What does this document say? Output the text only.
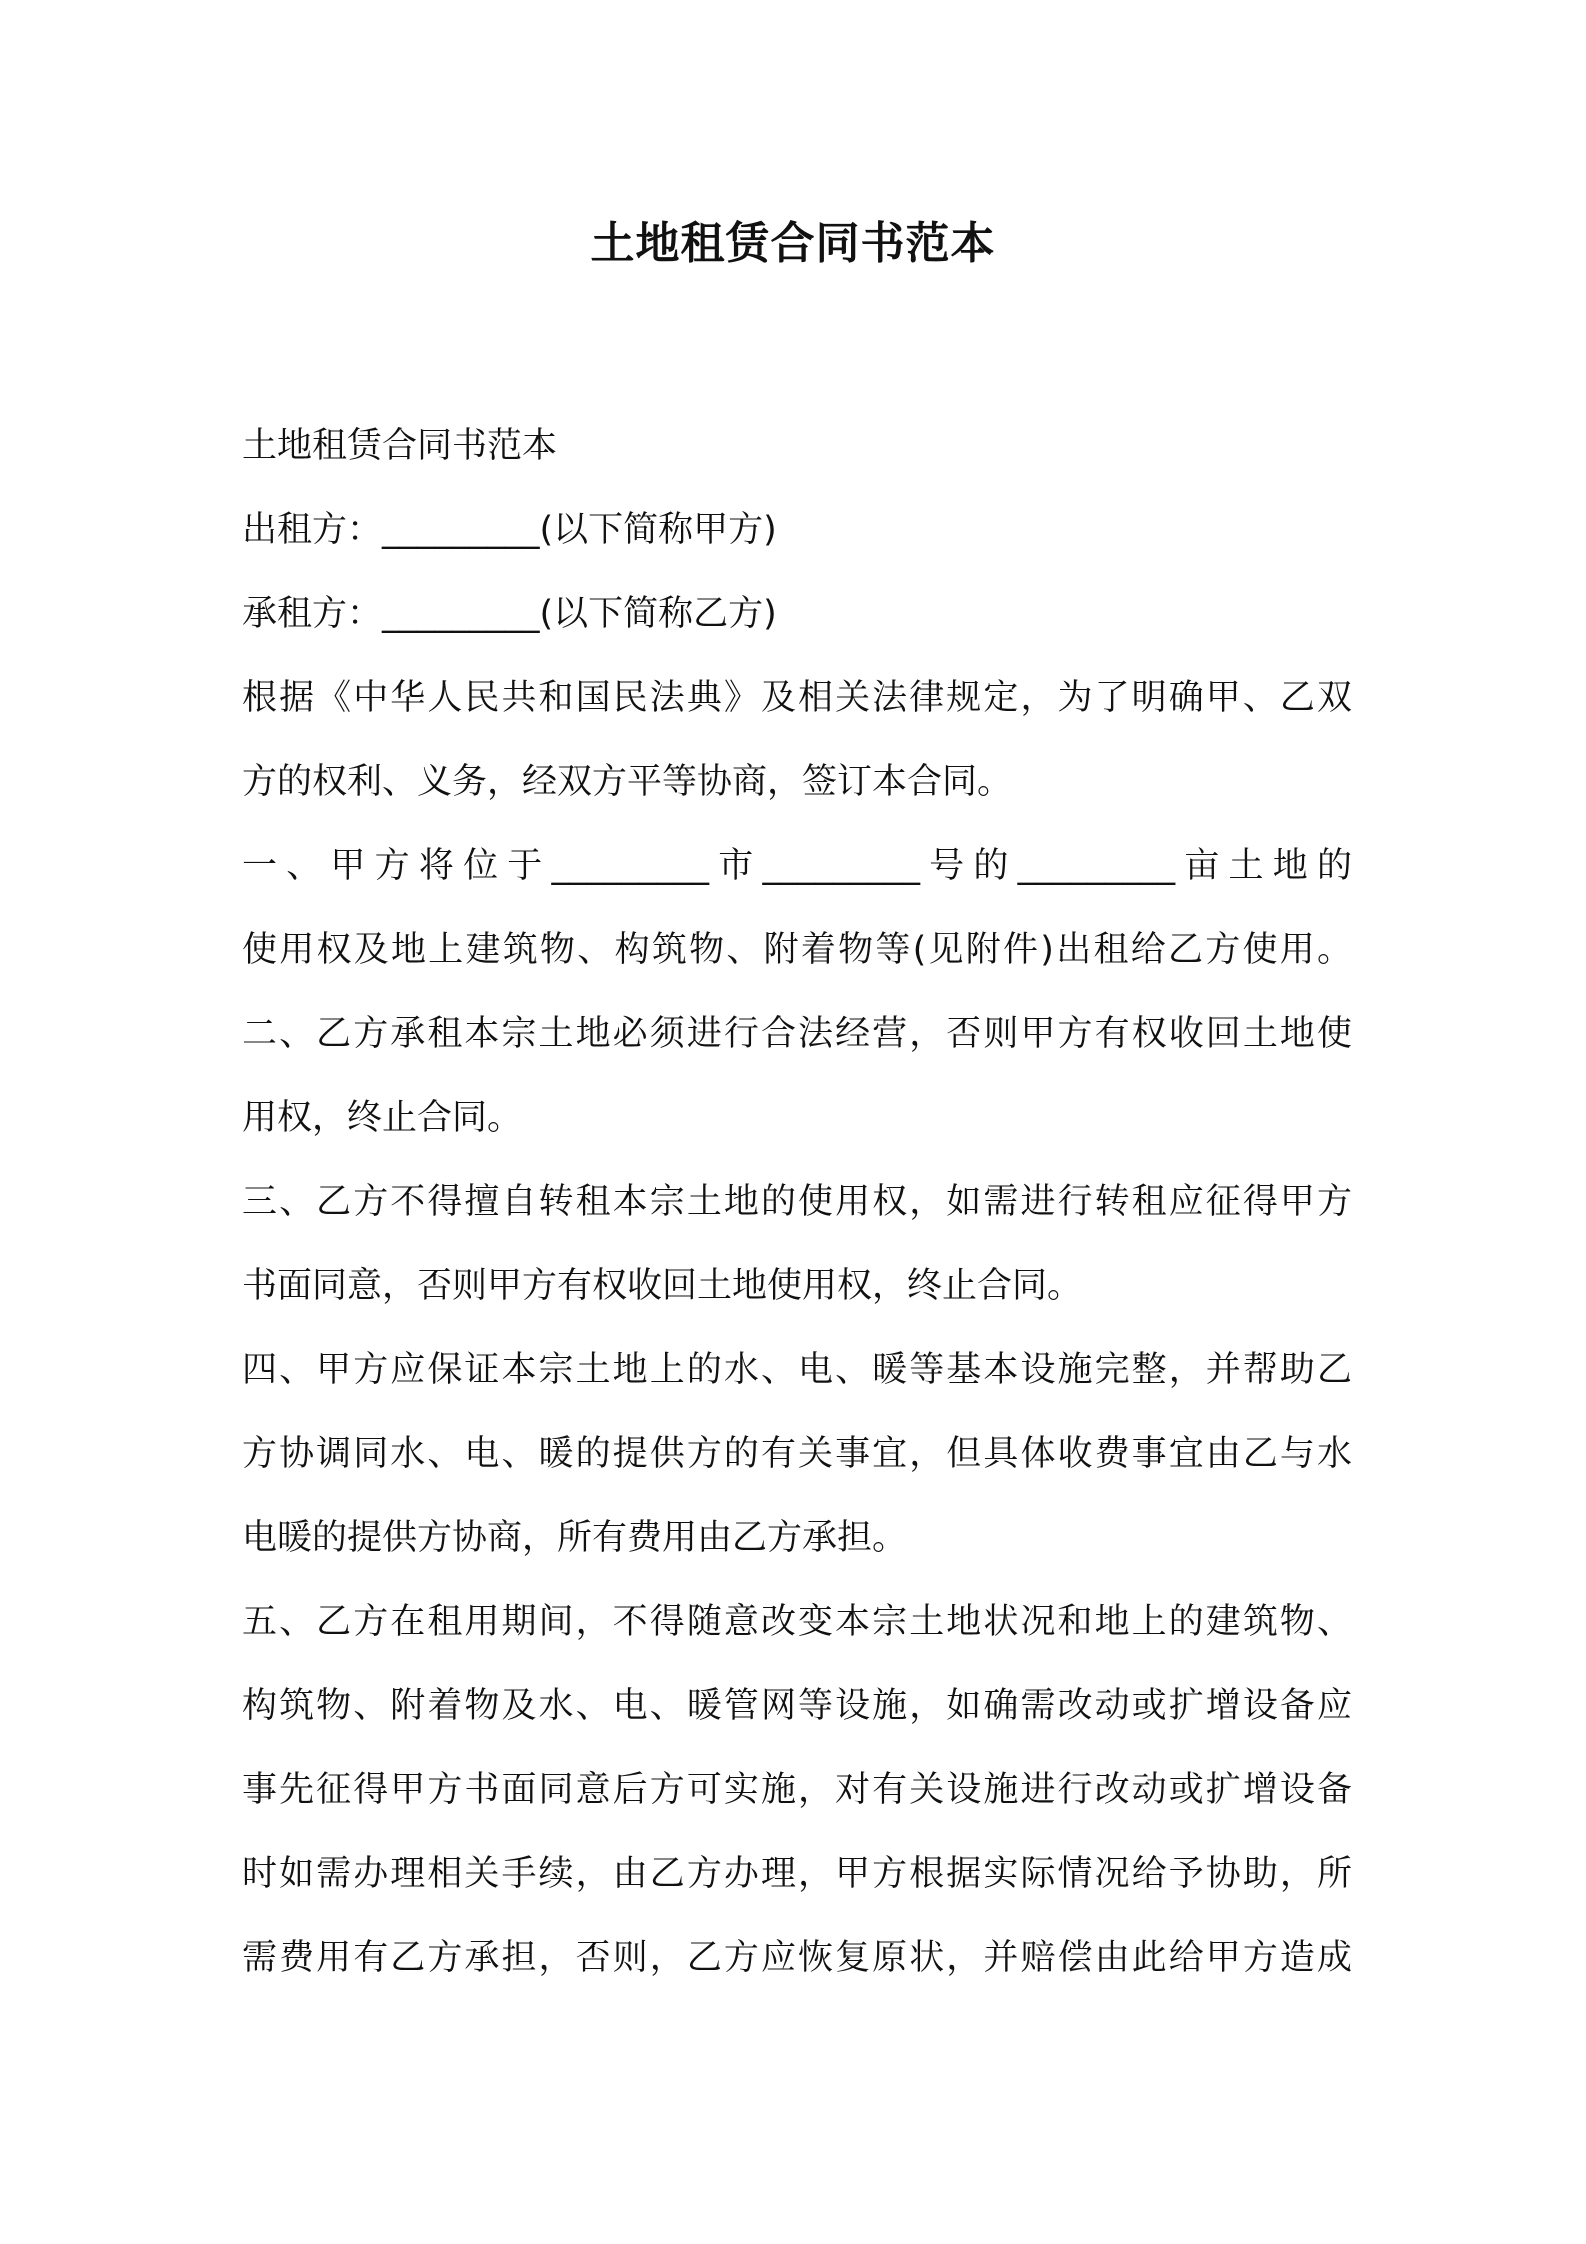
土地租赁合同书范本
土地租赁合同书范本
出租方：_________(以下简称甲方)
承租方：_________(以下简称乙方)
根据《中华人民共和国民法典》及相关法律规定，为了明确甲、乙双
方的权利、义务，经双方平等协商，签订本合同。
一、甲方将位于_________市_________号的_________亩土地的
使用权及地上建筑物、构筑物、附着物等(见附件)出租给乙方使用。
二、乙方承租本宗土地必须进行合法经营，否则甲方有权收回土地使
用权，终止合同。
三、乙方不得擅自转租本宗土地的使用权，如需进行转租应征得甲方
书面同意，否则甲方有权收回土地使用权，终止合同。
四、甲方应保证本宗土地上的水、电、暖等基本设施完整，并帮助乙
方协调同水、电、暖的提供方的有关事宜，但具体收费事宜由乙与水
电暖的提供方协商，所有费用由乙方承担。
五、乙方在租用期间，不得随意改变本宗土地状况和地上的建筑物、
构筑物、附着物及水、电、暖管网等设施，如确需改动或扩增设备应
事先征得甲方书面同意后方可实施，对有关设施进行改动或扩增设备
时如需办理相关手续，由乙方办理，甲方根据实际情况给予协助，所
需费用有乙方承担，否则，乙方应恢复原状，并赔偿由此给甲方造成
